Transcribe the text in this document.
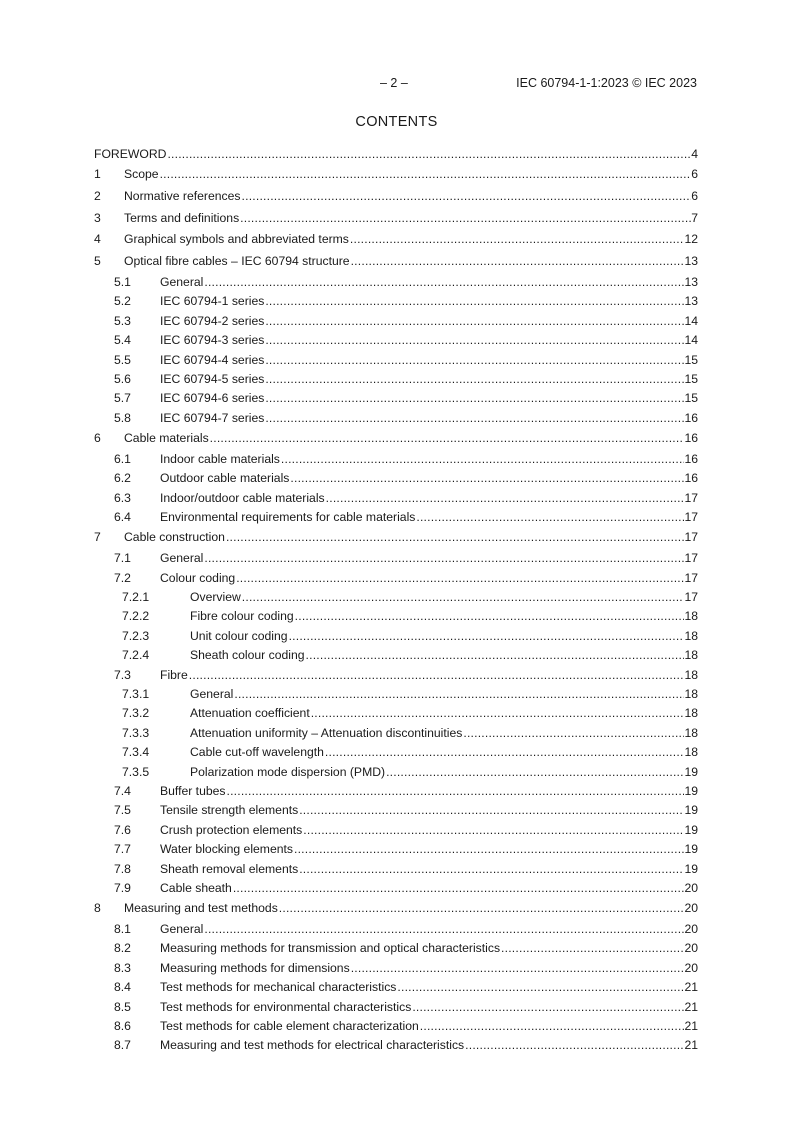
– 2 –	IEC 60794-1-1:2023 © IEC 2023
CONTENTS
FOREWORD .....	4
1 Scope .....	6
2 Normative references .....	6
3 Terms and definitions .....	7
4 Graphical symbols and abbreviated terms .....	12
5 Optical fibre cables – IEC 60794 structure .....	13
5.1 General .....	13
5.2 IEC 60794-1 series .....	13
5.3 IEC 60794-2 series .....	14
5.4 IEC 60794-3 series .....	14
5.5 IEC 60794-4 series .....	15
5.6 IEC 60794-5 series .....	15
5.7 IEC 60794-6 series .....	15
5.8 IEC 60794-7 series .....	16
6 Cable materials .....	16
6.1 Indoor cable materials .....	16
6.2 Outdoor cable materials .....	16
6.3 Indoor/outdoor cable materials .....	17
6.4 Environmental requirements for cable materials .....	17
7 Cable construction .....	17
7.1 General .....	17
7.2 Colour coding .....	17
7.2.1	Overview .....	17
7.2.2	Fibre colour coding .....	18
7.2.3	Unit colour coding .....	18
7.2.4	Sheath colour coding .....	18
7.3 Fibre .....	18
7.3.1	General .....	18
7.3.2	Attenuation coefficient .....	18
7.3.3	Attenuation uniformity – Attenuation discontinuities .....	18
7.3.4	Cable cut-off wavelength .....	18
7.3.5	Polarization mode dispersion (PMD) .....	19
7.4 Buffer tubes .....	19
7.5 Tensile strength elements .....	19
7.6 Crush protection elements .....	19
7.7 Water blocking elements .....	19
7.8 Sheath removal elements .....	19
7.9 Cable sheath .....	20
8 Measuring and test methods .....	20
8.1 General .....	20
8.2 Measuring methods for transmission and optical characteristics .....	20
8.3 Measuring methods for dimensions .....	20
8.4 Test methods for mechanical characteristics .....	21
8.5 Test methods for environmental characteristics .....	21
8.6 Test methods for cable element characterization .....	21
8.7 Measuring and test methods for electrical characteristics .....	21
